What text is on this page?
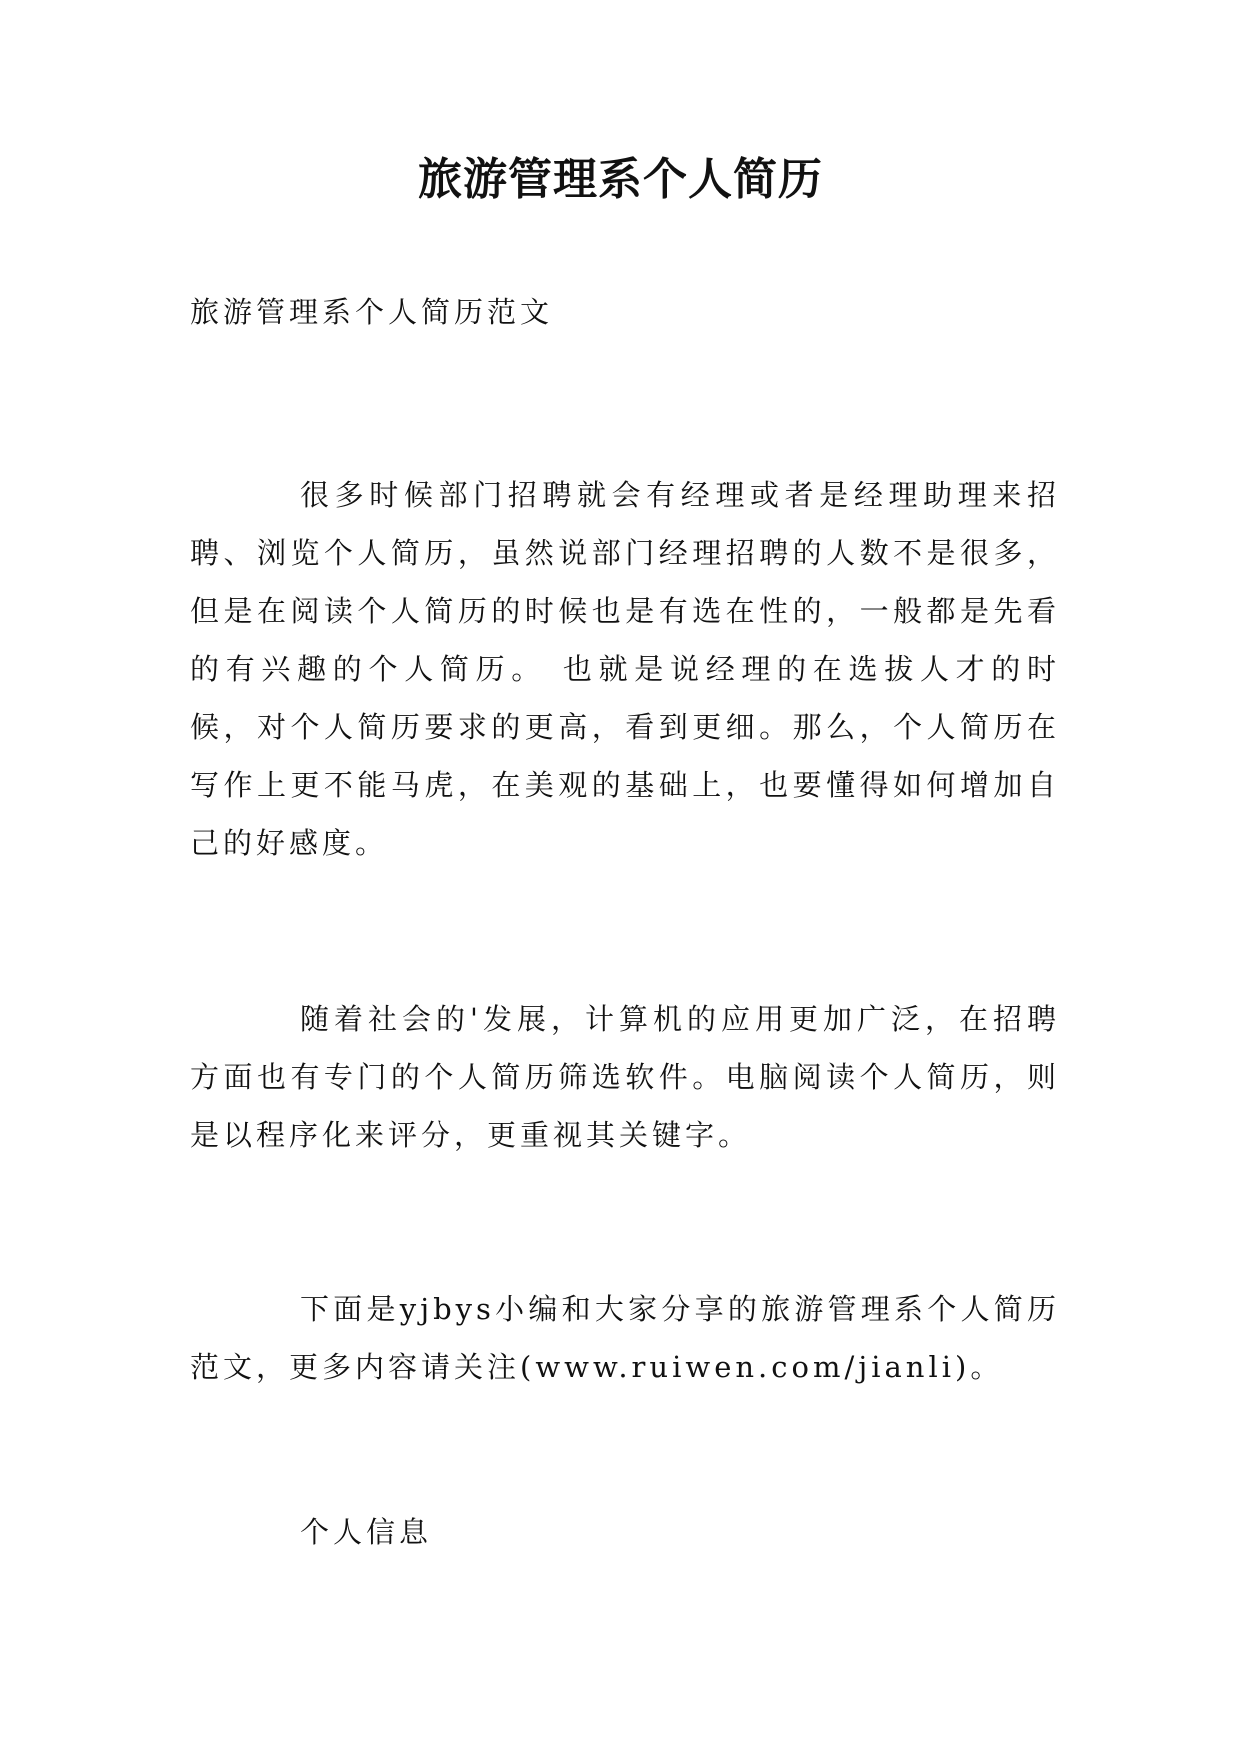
旅游管理系个人简历
旅游管理系个人简历范文

很多时候部门招聘就会有经理或者是经理助理来招聘、浏览个人简历，虽然说部门经理招聘的人数不是很多，但是在阅读个人简历的时候也是有选在性的，一般都是先看的有兴趣的个人简历。 也就是说经理的在选拔人才的时候，对个人简历要求的更高，看到更细。那么，个人简历在写作上更不能马虎，在美观的基础上，也要懂得如何增加自己的好感度。

随着社会的'发展，计算机的应用更加广泛，在招聘方面也有专门的个人简历筛选软件。电脑阅读个人简历，则是以程序化来评分，更重视其关键字。

下面是yjbys小编和大家分享的旅游管理系个人简历范文，更多内容请关注(www.ruiwen.com/jianli)。

个人信息
